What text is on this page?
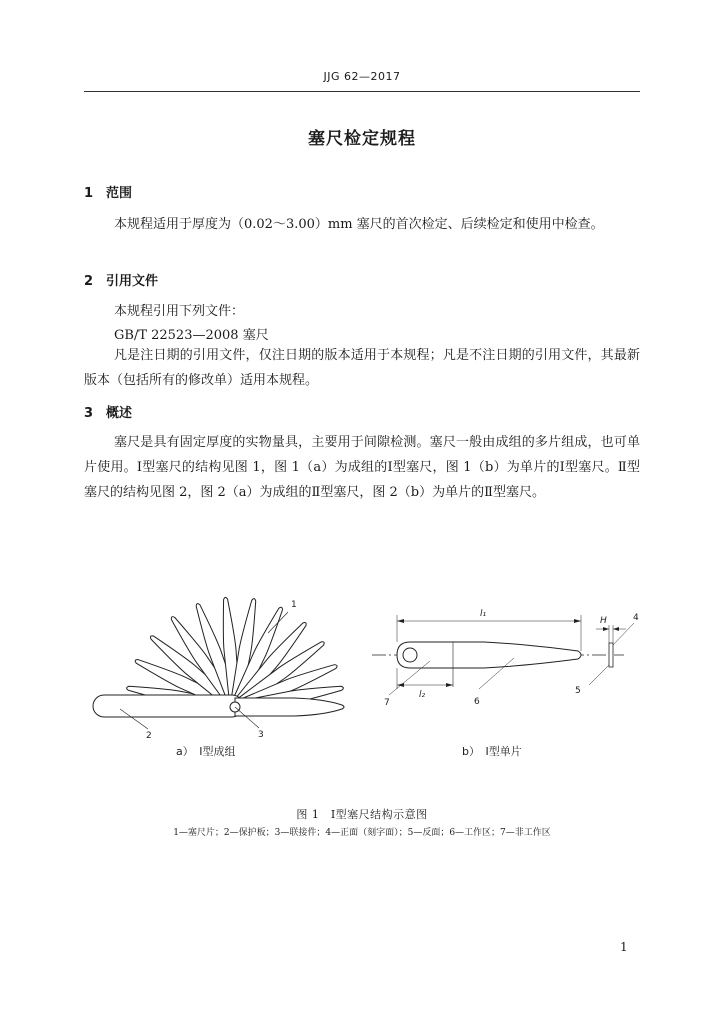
JJG 62—2017
塞尺检定规程
1 范围

本规程适用于厚度为（0.02～3.00）mm 塞尺的首次检定、后续检定和使用中检查。

2 引用文件
本规程引用下列文件：
GB/T 22523—2008 塞尺

凡是注日期的引用文件，仅注日期的版本适用于本规程；凡是不注日期的引用文件，其最新版本（包括所有的修改单）适用本规程。

3 概述

塞尺是具有固定厚度的实物量具，主要用于间隙检测。塞尺一般由成组的多片组成，也可单片使用。Ⅰ型塞尺的结构见图 1，图 1（a）为成组的Ⅰ型塞尺，图 1（b）为单片的Ⅰ型塞尺。Ⅱ型塞尺的结构见图 2，图 2（a）为成组的Ⅱ型塞尺，图 2（b）为单片的Ⅱ型塞尺。

1
2	3
a）　Ⅰ型成组
l₁
l₂
H	4
5
6
7
b）　Ⅰ型单片
图 1　Ⅰ型塞尺结构示意图
1—塞尺片；2—保护板；3—联接件；4—正面（刻字面）；5—反面；6—工作区；7—非工作区
1
